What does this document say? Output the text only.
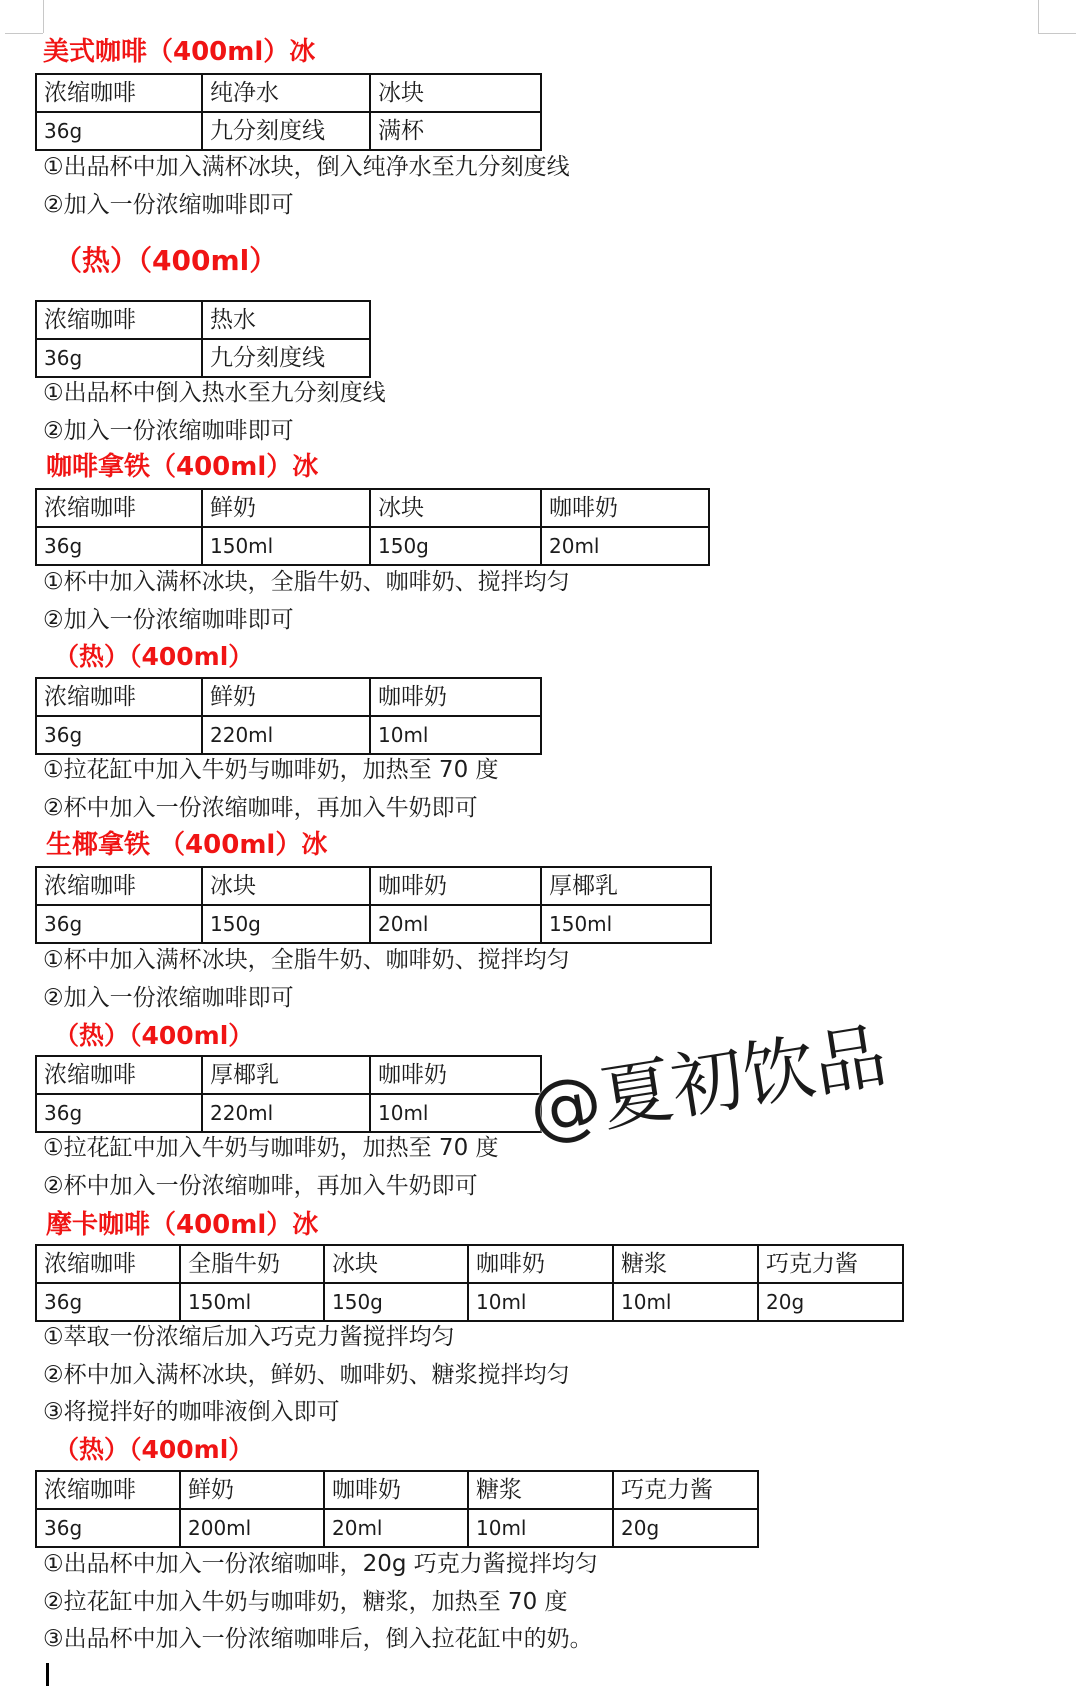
美式咖啡（400ml）冰
浓缩咖啡	纯净水	冰块
36g	九分刻度线	满杯
①出品杯中加入满杯冰块，倒入纯净水至九分刻度线
②加入一份浓缩咖啡即可
（热）（400ml）
浓缩咖啡	热水
36g	九分刻度线
①出品杯中倒入热水至九分刻度线
②加入一份浓缩咖啡即可
咖啡拿铁（400ml）冰
浓缩咖啡	鲜奶	冰块	咖啡奶
36g	150ml	150g	20ml
①杯中加入满杯冰块，全脂牛奶、咖啡奶、搅拌均匀
②加入一份浓缩咖啡即可
（热）（400ml）
浓缩咖啡	鲜奶	咖啡奶
36g	220ml	10ml
①拉花缸中加入牛奶与咖啡奶，加热至 70 度
②杯中加入一份浓缩咖啡，再加入牛奶即可
生椰拿铁 （400ml）冰
浓缩咖啡	冰块	咖啡奶	厚椰乳
36g	150g	20ml	150ml
①杯中加入满杯冰块，全脂牛奶、咖啡奶、搅拌均匀
②加入一份浓缩咖啡即可
（热）（400ml）
浓缩咖啡	厚椰乳	咖啡奶
36g	220ml	10ml
①拉花缸中加入牛奶与咖啡奶，加热至 70 度
②杯中加入一份浓缩咖啡，再加入牛奶即可
摩卡咖啡（400ml）冰
浓缩咖啡	全脂牛奶	冰块	咖啡奶	糖浆	巧克力酱
36g	150ml	150g	10ml	10ml	20g
①萃取一份浓缩后加入巧克力酱搅拌均匀
②杯中加入满杯冰块，鲜奶、咖啡奶、糖浆搅拌均匀
③将搅拌好的咖啡液倒入即可
（热）（400ml）
浓缩咖啡	鲜奶	咖啡奶	糖浆	巧克力酱
36g	200ml	20ml	10ml	20g
①出品杯中加入一份浓缩咖啡，20g 巧克力酱搅拌均匀
②拉花缸中加入牛奶与咖啡奶，糖浆，加热至 70 度
③出品杯中加入一份浓缩咖啡后，倒入拉花缸中的奶。
@夏初饮品
